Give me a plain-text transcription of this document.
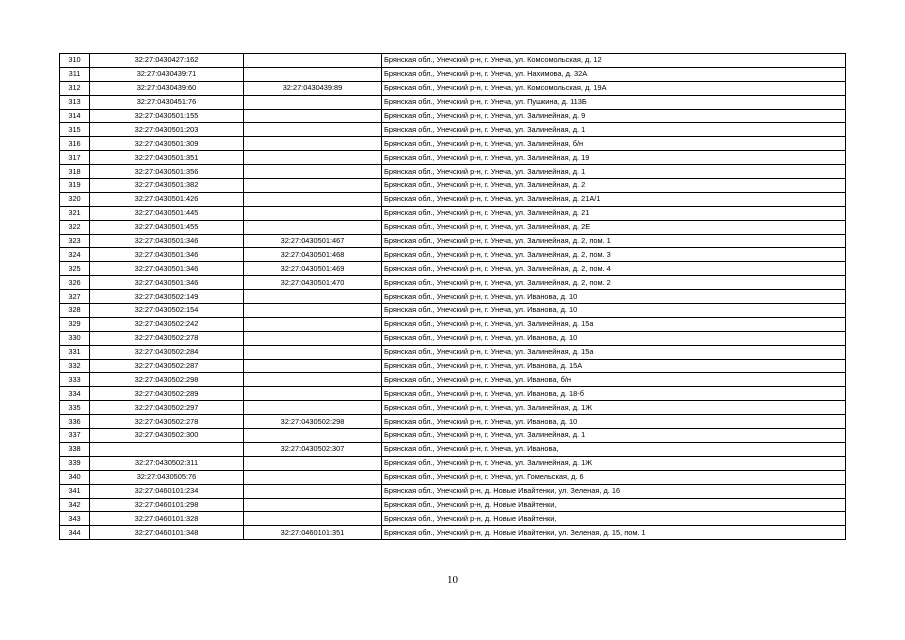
310	32:27:0430427:162		Брянская обл., Унечский р-н, г. Унеча, ул. Комсомольская, д. 12
311	32:27:0430439:71		Брянская обл., Унечский р-н, г. Унеча, ул. Нахимова, д. 32А
312	32:27:0430439:60	32:27:0430439:89	Брянская обл., Унечский р-н, г. Унеча, ул. Комсомольская, д. 19А
313	32:27:0430451:76		Брянская обл., Унечский р-н, г. Унеча, ул. Пушкина, д. 113Б
314	32:27:0430501:155		Брянская обл., Унечский р-н, г. Унеча, ул. Залинейная, д. 9
315	32:27:0430501:203		Брянская обл., Унечский р-н, г. Унеча, ул. Залинейная, д. 1
316	32:27:0430501:309		Брянская обл., Унечский р-н, г. Унеча, ул. Залинейная, б/н
317	32:27:0430501:351		Брянская обл., Унечский р-н, г. Унеча, ул. Залинейная, д. 19
318	32:27:0430501:356		Брянская обл., Унечский р-н, г. Унеча, ул. Залинейная, д. 1
319	32:27:0430501:382		Брянская обл., Унечский р-н, г. Унеча, ул. Залинейная, д. 2
320	32:27:0430501:426		Брянская обл., Унечский р-н, г. Унеча, ул. Залинейная, д. 21А/1
321	32:27:0430501:445		Брянская обл., Унечский р-н, г. Унеча, ул. Залинейная, д. 21
322	32:27:0430501:455		Брянская обл., Унечский р-н, г. Унеча, ул. Залинейная, д. 2Е
323	32:27:0430501:346	32:27:0430501:467	Брянская обл., Унечский р-н, г. Унеча, ул. Залинейная, д. 2, пом. 1
324	32:27:0430501:346	32:27:0430501:468	Брянская обл., Унечский р-н, г. Унеча, ул. Залинейная, д. 2, пом. 3
325	32:27:0430501:346	32:27:0430501:469	Брянская обл., Унечский р-н, г. Унеча, ул. Залинейная, д. 2, пом. 4
326	32:27:0430501:346	32:27:0430501:470	Брянская обл., Унечский р-н, г. Унеча, ул. Залинейная, д. 2, пом. 2
327	32:27:0430502:149		Брянская обл., Унечский р-н, г. Унеча, ул. Иванова, д. 10
328	32:27:0430502:154		Брянская обл., Унечский р-н, г. Унеча, ул. Иванова, д. 10
329	32:27:0430502:242		Брянская обл., Унечский р-н, г. Унеча, ул. Залинейная, д. 15а
330	32:27:0430502:278		Брянская обл., Унечский р-н, г. Унеча, ул. Иванова, д. 10
331	32:27:0430502:284		Брянская обл., Унечский р-н, г. Унеча, ул. Залинейная, д. 15а
332	32:27:0430502:287		Брянская обл., Унечский р-н, г. Унеча, ул. Иванова, д. 15А
333	32:27:0430502:298		Брянская обл., Унечский р-н, г. Унеча, ул. Иванова, б/н
334	32:27:0430502:289		Брянская обл., Унечский р-н, г. Унеча, ул. Иванова, д. 18-б
335	32:27:0430502:297		Брянская обл., Унечский р-н, г. Унеча, ул. Залинейная, д. 1Ж
336	32:27:0430502:278	32:27:0430502:298	Брянская обл., Унечский р-н, г. Унеча, ул. Иванова, д. 10
337	32:27:0430502:300		Брянская обл., Унечский р-н, г. Унеча, ул. Залинейная, д. 1
338		32:27:0430502:307	Брянская обл., Унечский р-н, г. Унеча, ул. Иванова,
339	32:27:0430502:311		Брянская обл., Унечский р-н, г. Унеча, ул. Залинейная, д. 1Ж
340	32:27:0430505:76		Брянская обл., Унечский р-н, г. Унеча, ул. Гомельская, д. 6
341	32:27:0460101:234		Брянская обл., Унечский р-н, д. Новые Ивайтенки, ул. Зеленая, д. 16
342	32:27:0460101:298		Брянская обл., Унечский р-н, д. Новые Ивайтенки,
343	32:27:0460101:328		Брянская обл., Унечский р-н, д. Новые Ивайтенки,
344	32:27:0460101:348	32:27:0460101:351	Брянская обл., Унечский р-н, д. Новые Ивайтенки, ул. Зеленая, д. 15, пом. 1
10
